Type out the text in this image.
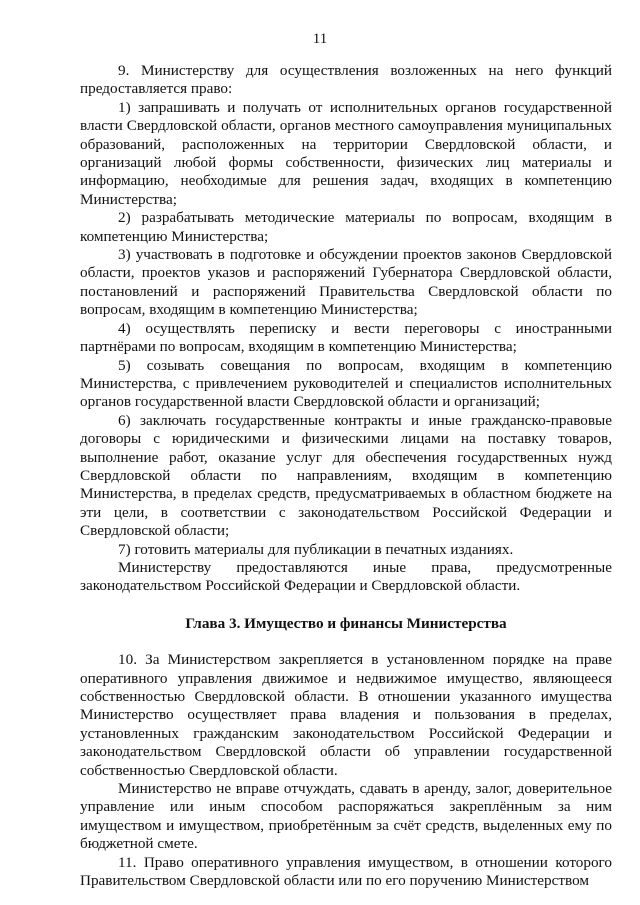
11

9. Министерству для осуществления возложенных на него функций предоставляется право:

1) запрашивать и получать от исполнительных органов государственной власти Свердловской области, органов местного самоуправления муниципальных образований, расположенных на территории Свердловской области, и организаций любой формы собственности, физических лиц материалы и информацию, необходимые для решения задач, входящих в компетенцию Министерства;

2) разрабатывать методические материалы по вопросам, входящим в компетенцию Министерства;

3) участвовать в подготовке и обсуждении проектов законов Свердловской области, проектов указов и распоряжений Губернатора Свердловской области, постановлений и распоряжений Правительства Свердловской области по вопросам, входящим в компетенцию Министерства;

4) осуществлять переписку и вести переговоры с иностранными партнёрами по вопросам, входящим в компетенцию Министерства;

5) созывать совещания по вопросам, входящим в компетенцию Министерства, с привлечением руководителей и специалистов исполнительных органов государственной власти Свердловской области и организаций;

6) заключать государственные контракты и иные гражданско-правовые договоры с юридическими и физическими лицами на поставку товаров, выполнение работ, оказание услуг для обеспечения государственных нужд Свердловской области по направлениям, входящим в компетенцию Министерства, в пределах средств, предусматриваемых в областном бюджете на эти цели, в соответствии с законодательством Российской Федерации и Свердловской области;

7) готовить материалы для публикации в печатных изданиях.

Министерству предоставляются иные права, предусмотренные законодательством Российской Федерации и Свердловской области.

Глава 3. Имущество и финансы Министерства

10. За Министерством закрепляется в установленном порядке на праве оперативного управления движимое и недвижимое имущество, являющееся собственностью Свердловской области. В отношении указанного имущества Министерство осуществляет права владения и пользования в пределах, установленных гражданским законодательством Российской Федерации и законодательством Свердловской области об управлении государственной собственностью Свердловской области.

Министерство не вправе отчуждать, сдавать в аренду, залог, доверительное управление или иным способом распоряжаться закреплённым за ним имуществом и имуществом, приобретённым за счёт средств, выделенных ему по бюджетной смете.

11. Право оперативного управления имуществом, в отношении которого Правительством Свердловской области или по его поручению Министерством
